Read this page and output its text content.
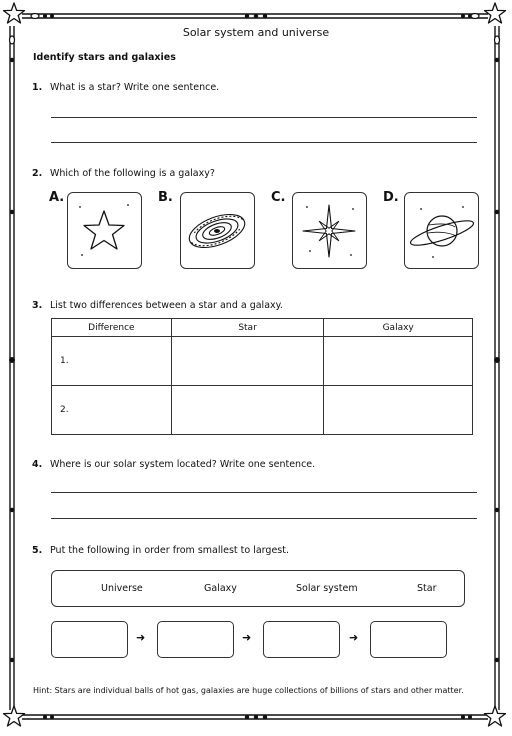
Solar system and universe
Identify stars and galaxies
1. What is a star? Write one sentence.
2. Which of the following is a galaxy?
A.	B.	C.	D.
3. List two differences between a star and a galaxy.
Difference	Star	Galaxy
1.		
2.		
4. Where is our solar system located? Write one sentence.
5. Put the following in order from smallest to largest.
Universe	Galaxy	Solar system	Star
➜	➜	➜
Hint: Stars are individual balls of hot gas, galaxies are huge collections of billions of stars and other matter.
